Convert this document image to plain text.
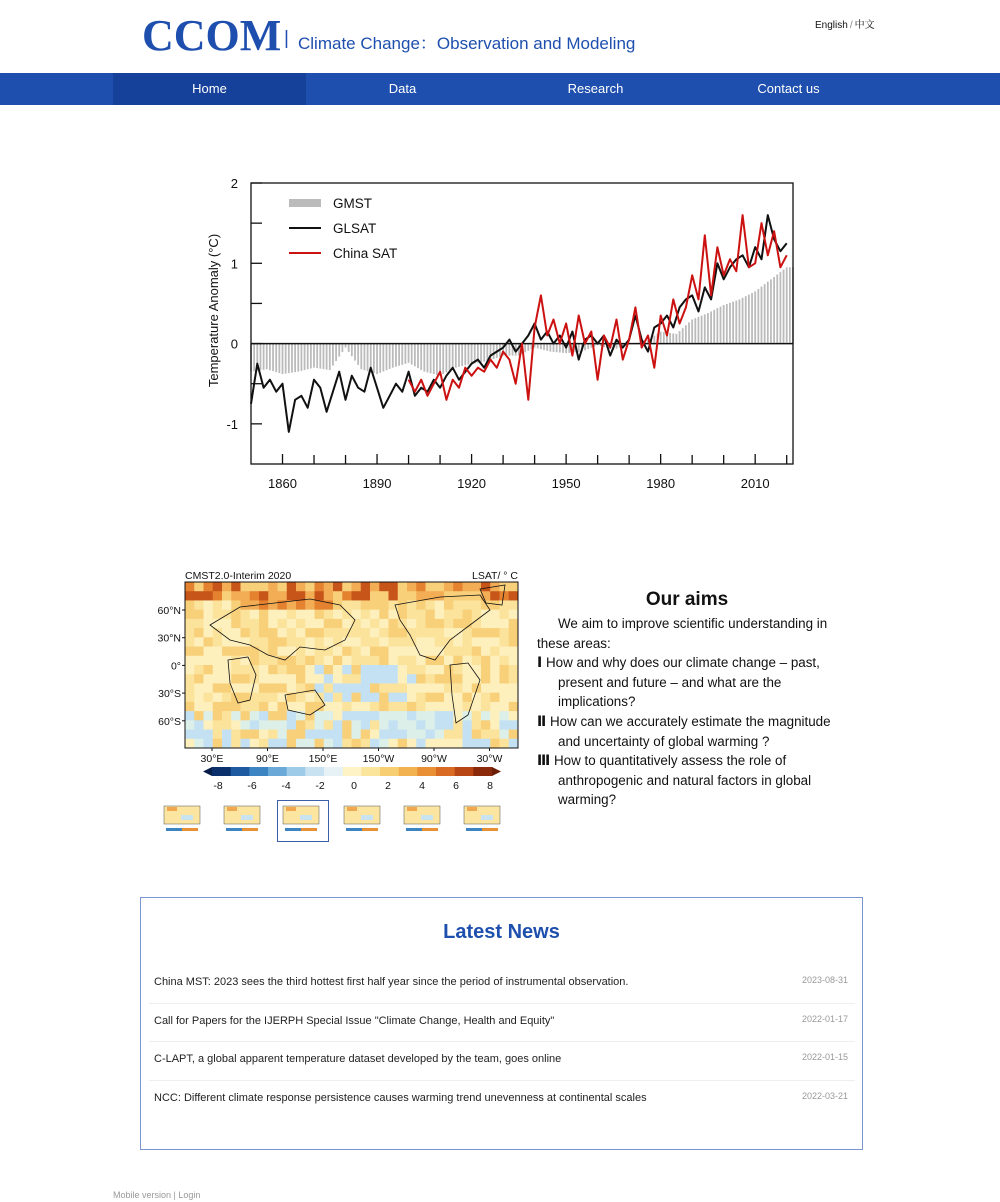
CCOM | Climate Change：Observation and Modeling
English / 中文
Home	Data	Research	Contact us
1860	1890	1920	1950	1980	2010
-1
0
1
2
Temperature Anomaly (°C)
GMST
GLSAT
China SAT
CMST2.0-Interim 2020	LSAT/ ° C
60°N
30°N
0°
30°S
60°S
30°E	90°E	150°E 150°W	90°W	30°W
-8 -6 -4 -2	0	2	4	6	8
Our aims

We aim to improve scientific understanding in these areas:

Ⅰ How and why does our climate change – past, present and future – and what are the implications?

Ⅱ How can we accurately estimate the magnitude and uncertainty of global warming ?

Ⅲ How to quantitatively assess the role of anthropogenic and natural factors in global warming?

Latest News
China MST: 2023 sees the third hottest first half year since the period of instrumental observation.	2023-08-31
Call for Papers for the IJERPH Special Issue "Climate Change, Health and Equity"	2022-01-17
C-LAPT, a global apparent temperature dataset developed by the team, goes online	2022-01-15
NCC: Different climate response persistence causes warming trend unevenness at continental scales	2022-03-21
Mobile version | Login
